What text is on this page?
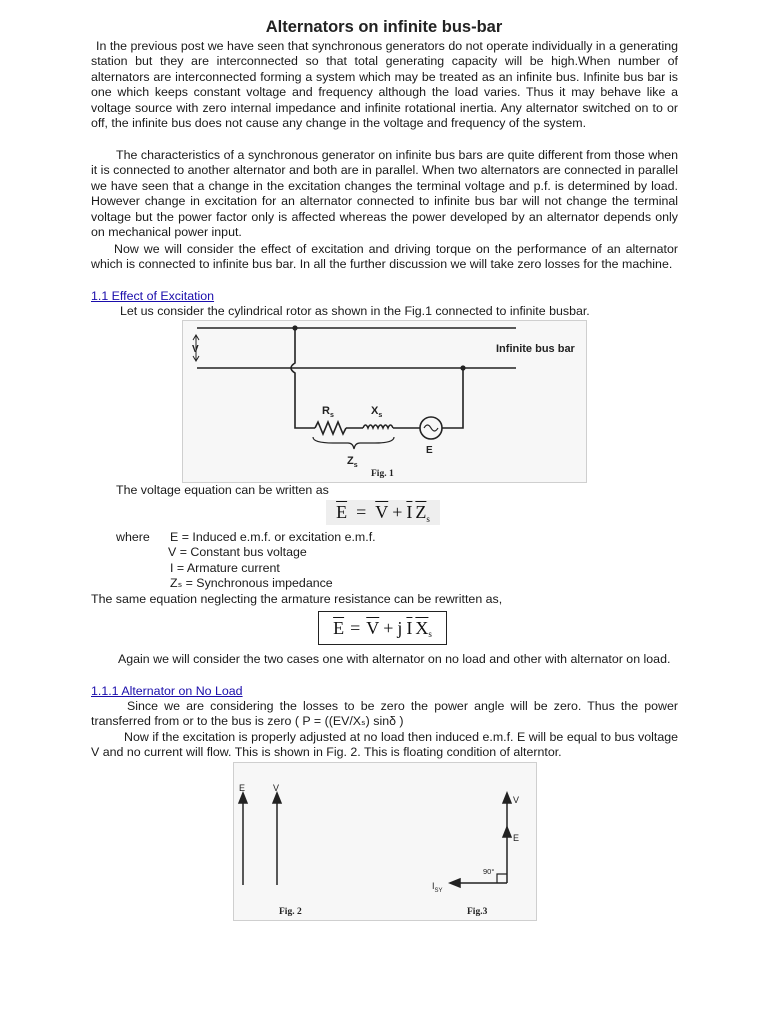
Alternators on infinite bus-bar
In the previous post we have seen that synchronous generators do not operate individually in a generating station but they are interconnected so that total generating capacity will be high.When number of alternators are interconnected forming a system which may be treated as an infinite bus. Infinite bus bar is one which keeps constant voltage and frequency although the load varies. Thus it may behave like a voltage source with zero internal impedance and infinite rotational inertia. Any alternator switched on to or off, the infinite bus does not cause any change in the voltage and frequency of the system.
The characteristics of a synchronous generator on infinite bus bars are quite different from those when it is connected to another alternator and both are in parallel. When two alternators are connected in parallel we have seen that a change in the excitation changes the terminal voltage and p.f. is determined by load. However change in excitation for an alternator connected to infinite bus bar will not change the terminal voltage but the power factor only is affected whereas the power developed by an alternator depends only on mechanical power input.
Now we will consider the effect of excitation and driving torque on the performance of an alternator which is connected to infinite bus bar. In all the further discussion we will take zero losses for the machine.
1.1 Effect of Excitation
Let us consider the cylindrical rotor as shown in the Fig.1 connected to infinite busbar.
V	Infinite bus bar
$R_s$	$X_s$
E
$Z_s$
Fig. 1
The voltage equation can be written as
$\overline{E} = \overline{V} + \overline{I}$ $\overline{Z}$ s
where E = Induced e.m.f. or excitation e.m.f.
V = Constant bus voltage
I = Armature current
Zₛ = Synchronous impedance
The same equation neglecting the armature resistance can be rewritten as,
$\overline{E} = \overline{V} + j$ $\overline{I}$ $\overline{X}$ s
Again we will consider the two cases one with alternator on no load and other with alternator on load.
1.1.1 Alternator on No Load
Since we are considering the losses to be zero the power angle will be zero. Thus the power transferred from or to the bus is zero ( P = ((EV/Xₛ) sinδ )
Now if the excitation is properly adjusted at no load then induced e.m.f. E will be equal to bus voltage V and no current will flow. This is shown in Fig. 2. This is floating condition of alterntor.
E	V
V
E
90°
$I_{SY}$
Fig. 2	Fig.3
